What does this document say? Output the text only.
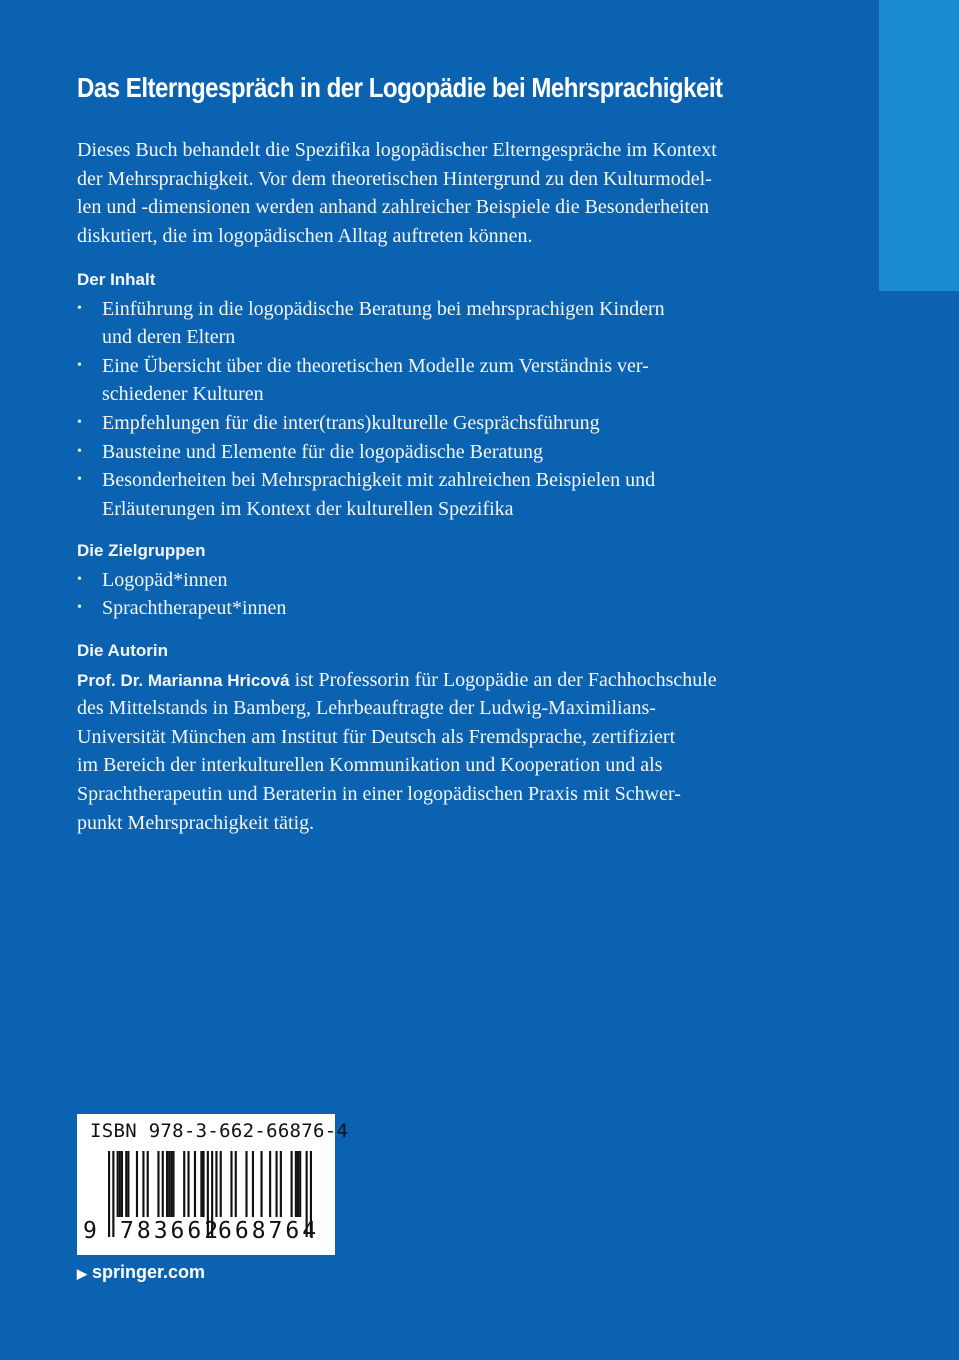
Das Elterngespräch in der Logopädie bei Mehrsprachigkeit
Dieses Buch behandelt die Spezifika logopädischer Elterngespräche im Kontext
der Mehrsprachigkeit. Vor dem theoretischen Hintergrund zu den Kulturmodel-
len und -dimensionen werden anhand zahlreicher Beispiele die Besonderheiten
diskutiert, die im logopädischen Alltag auftreten können.
Der Inhalt
• Einführung in die logopädische Beratung bei mehrsprachigen Kindern
und deren Eltern
• Eine Übersicht über die theoretischen Modelle zum Verständnis ver-
schiedener Kulturen
• Empfehlungen für die inter(trans)kulturelle Gesprächsführung
• Bausteine und Elemente für die logopädische Beratung
• Besonderheiten bei Mehrsprachigkeit mit zahlreichen Beispielen und
Erläuterungen im Kontext der kulturellen Spezifika
Die Zielgruppen
• Logopäd*innen
• Sprachtherapeut*innen
Die Autorin
Prof. Dr. Marianna Hricová ist Professorin für Logopädie an der Fachhochschule
des Mittelstands in Bamberg, Lehrbeauftragte der Ludwig-Maximilians-
Universität München am Institut für Deutsch als Fremdsprache, zertifiziert
im Bereich der interkulturellen Kommunikation und Kooperation und als
Sprachtherapeutin und Beraterin in einer logopädischen Praxis mit Schwer-
punkt Mehrsprachigkeit tätig.
ISBN 978-3-662-66876-4
9 783662
668764
▶ springer.com
